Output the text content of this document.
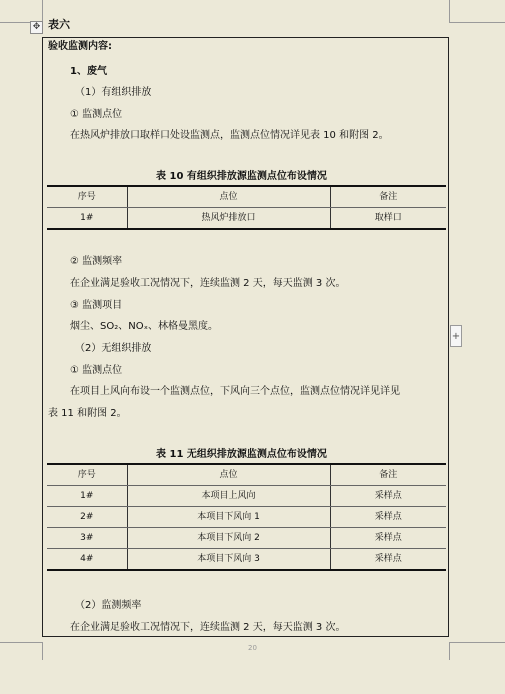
✥ 表六
验收监测内容:
1、废气
（1）有组织排放
① 监测点位
在热风炉排放口取样口处设监测点，监测点位情况详见表 10 和附图 2。
表 10 有组织排放源监测点位布设情况
序号	点位	备注
1#	热风炉排放口	取样口
② 监测频率
在企业满足验收工况情况下，连续监测 2 天，每天监测 3 次。
③ 监测项目
烟尘、SO₂、NOₓ、林格曼黑度。
（2）无组织排放
① 监测点位
在项目上风向布设一个监测点位，下风向三个点位，监测点位情况详见详见
表 11 和附图 2。
表 11 无组织排放源监测点位布设情况
序号	点位	备注
1#	本项目上风向	采样点
2#	本项目下风向 1	采样点
3#	本项目下风向 2	采样点
4#	本项目下风向 3	采样点
（2）监测频率
在企业满足验收工况情况下，连续监测 2 天，每天监测 3 次。
+
20
